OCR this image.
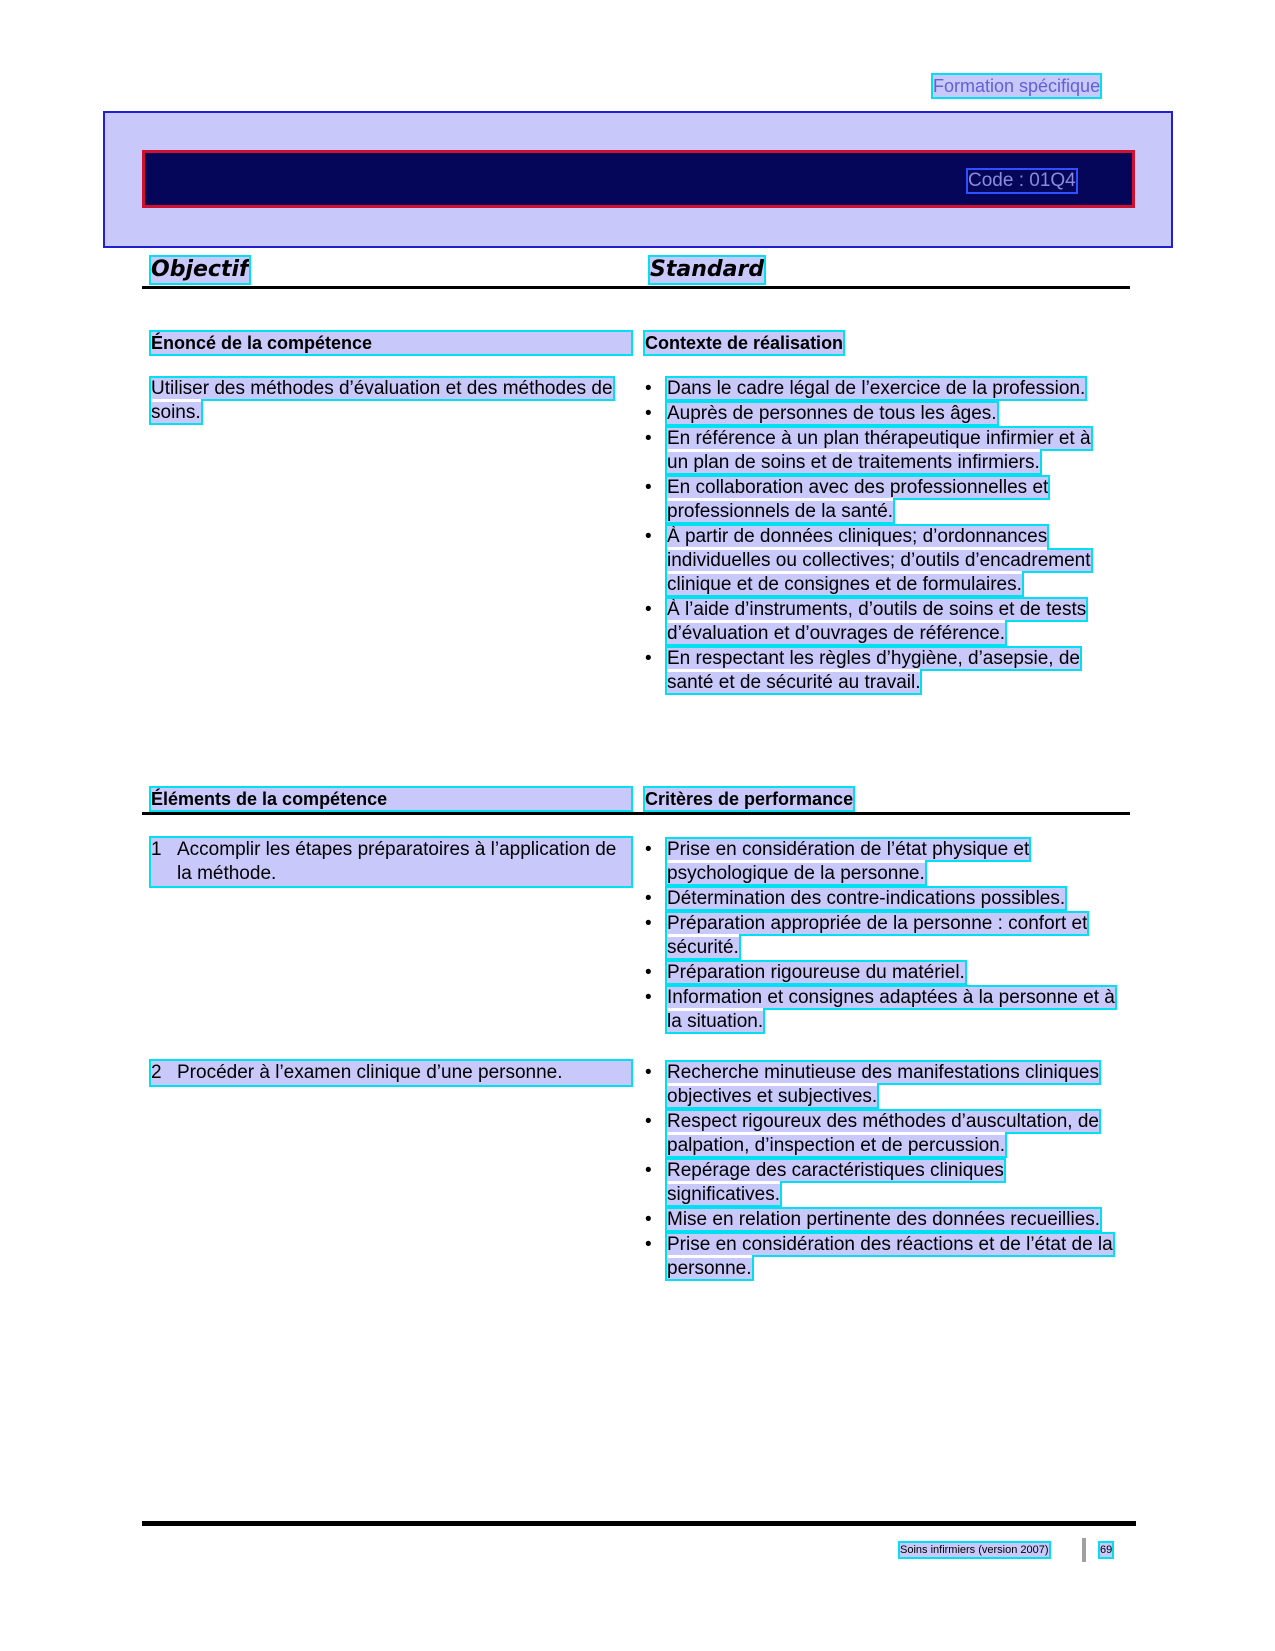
Formation spécifique
Code : 01Q4
Objectif	Standard
Énoncé de la compétence	Contexte de réalisation
Utiliser des méthodes d’évaluation et des méthodes de soins.
• Dans le cadre légal de l’exercice de la profession.
• Auprès de personnes de tous les âges.
• En référence à un plan thérapeutique infirmier et à un plan de soins et de traitements infirmiers.
• En collaboration avec des professionnelles et professionnels de la santé.
• À partir de données cliniques; d’ordonnances individuelles ou collectives; d’outils d’encadrement clinique et de consignes et de formulaires.
• À l’aide d’instruments, d’outils de soins et de tests d’évaluation et d’ouvrages de référence.
• En respectant les règles d’hygiène, d’asepsie, de santé et de sécurité au travail.
Éléments de la compétence	Critères de performance
1 Accomplir les étapes préparatoires à l’application de la méthode.
• Prise en considération de l’état physique et psychologique de la personne.
• Détermination des contre-indications possibles.
• Préparation appropriée de la personne : confort et sécurité.
• Préparation rigoureuse du matériel.
• Information et consignes adaptées à la personne et à la situation.
2 Procéder à l’examen clinique d’une personne.
•	Recherche minutieuse des manifestations cliniques objectives et subjectives.
• Respect rigoureux des méthodes d’auscultation, de palpation, d’inspection et de percussion.
• Repérage des caractéristiques cliniques significatives.
• Mise en relation pertinente des données recueillies.
• Prise en considération des réactions et de l’état de la personne.
Soins infirmiers (version 2007)	69
